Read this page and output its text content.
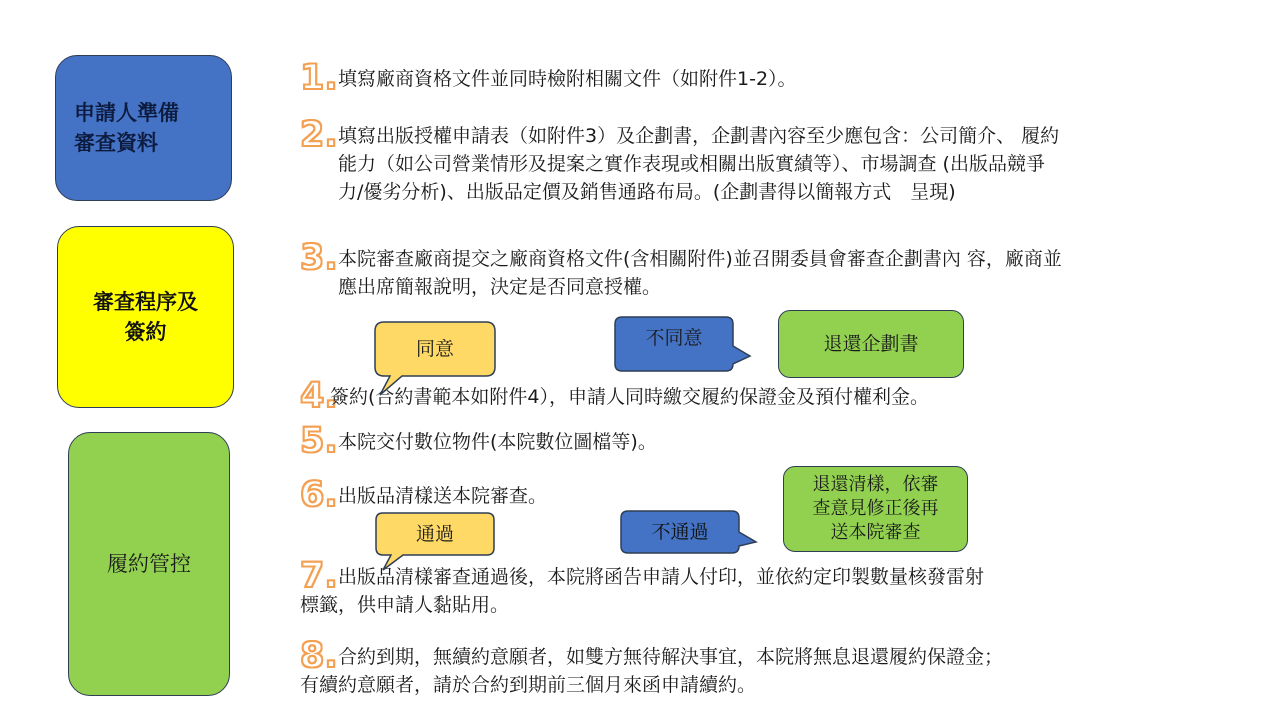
申請人準備
審查資料
審查程序及
簽約
履約管控
1.填寫廠商資格文件並同時檢附相關文件（如附件1-2）。
2.填寫出版授權申請表（如附件3）及企劃書，企劃書內容至少應包含：公司簡介、 履約
能力（如公司營業情形及提案之實作表現或相關出版實績等）、市場調查 (出版品競爭
力/優劣分析)、出版品定價及銷售通路布局。(企劃書得以簡報方式　呈現)
3.本院審查廠商提交之廠商資格文件(含相關附件)並召開委員會審查企劃書內 容，廠商並
應出席簡報說明，決定是否同意授權。
同意	不同意	退還企劃書
4.簽約(合約書範本如附件4），申請人同時繳交履約保證金及預付權利金。
5.本院交付數位物件(本院數位圖檔等)。
6.出版品清樣送本院審查。
通過	不通過
退還清樣，依審
查意見修正後再
送本院審查
7.出版品清樣審查通過後，本院將函告申請人付印，並依約定印製數量核發雷射
標籤，供申請人黏貼用。
8.合約到期，無續約意願者，如雙方無待解決事宜，本院將無息退還履約保證金；
有續約意願者，請於合約到期前三個月來函申請續約。
